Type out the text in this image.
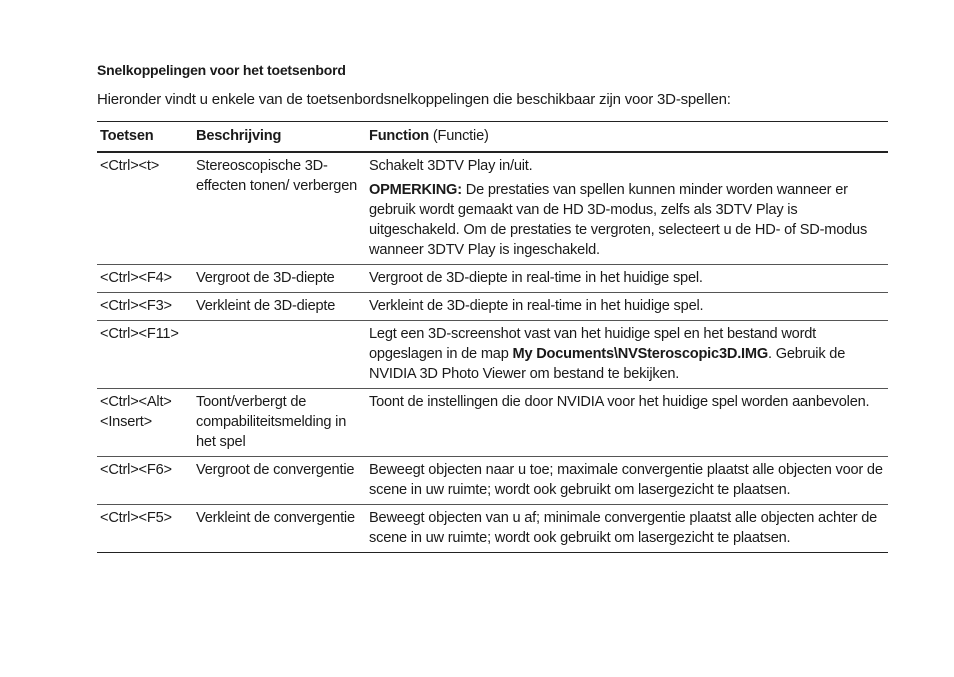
Snelkoppelingen voor het toetsenbord
Hieronder vindt u enkele van de toetsenbordsnelkoppelingen die beschikbaar zijn voor 3D-spellen:
Toetsen	Beschrijving	Function (Functie)
<Ctrl><t>	Stereoscopische 3D-effecten tonen/ verbergen	Schakelt 3DTV Play in/uit.
OPMERKING: De prestaties van spellen kunnen minder worden wanneer er gebruik wordt gemaakt van de HD 3D-modus, zelfs als 3DTV Play is uitgeschakeld. Om de prestaties te vergroten, selecteert u de HD- of SD-modus wanneer 3DTV Play is ingeschakeld.

<Ctrl><F4>	Vergroot de 3D-diepte	Vergroot de 3D-diepte in real-time in het huidige spel.
<Ctrl><F3>	Verkleint de 3D-diepte	Verkleint de 3D-diepte in real-time in het huidige spel.
<Ctrl><F11>		Legt een 3D-screenshot vast van het huidige spel en het bestand wordt opgeslagen in de map My Documents\NVSteroscopic3D.IMG. Gebruik de NVIDIA 3D Photo Viewer om bestand te bekijken.
<Ctrl><Alt> <Insert>	Toont/verbergt de compabiliteitsmelding in het spel	Toont de instellingen die door NVIDIA voor het huidige spel worden aanbevolen.
<Ctrl><F6>	Vergroot de convergentie	Beweegt objecten naar u toe; maximale convergentie plaatst alle objecten voor de scene in uw ruimte; wordt ook gebruikt om lasergezicht te plaatsen.
<Ctrl><F5>	Verkleint de convergentie	Beweegt objecten van u af; minimale convergentie plaatst alle objecten achter de scene in uw ruimte; wordt ook gebruikt om lasergezicht te plaatsen.
